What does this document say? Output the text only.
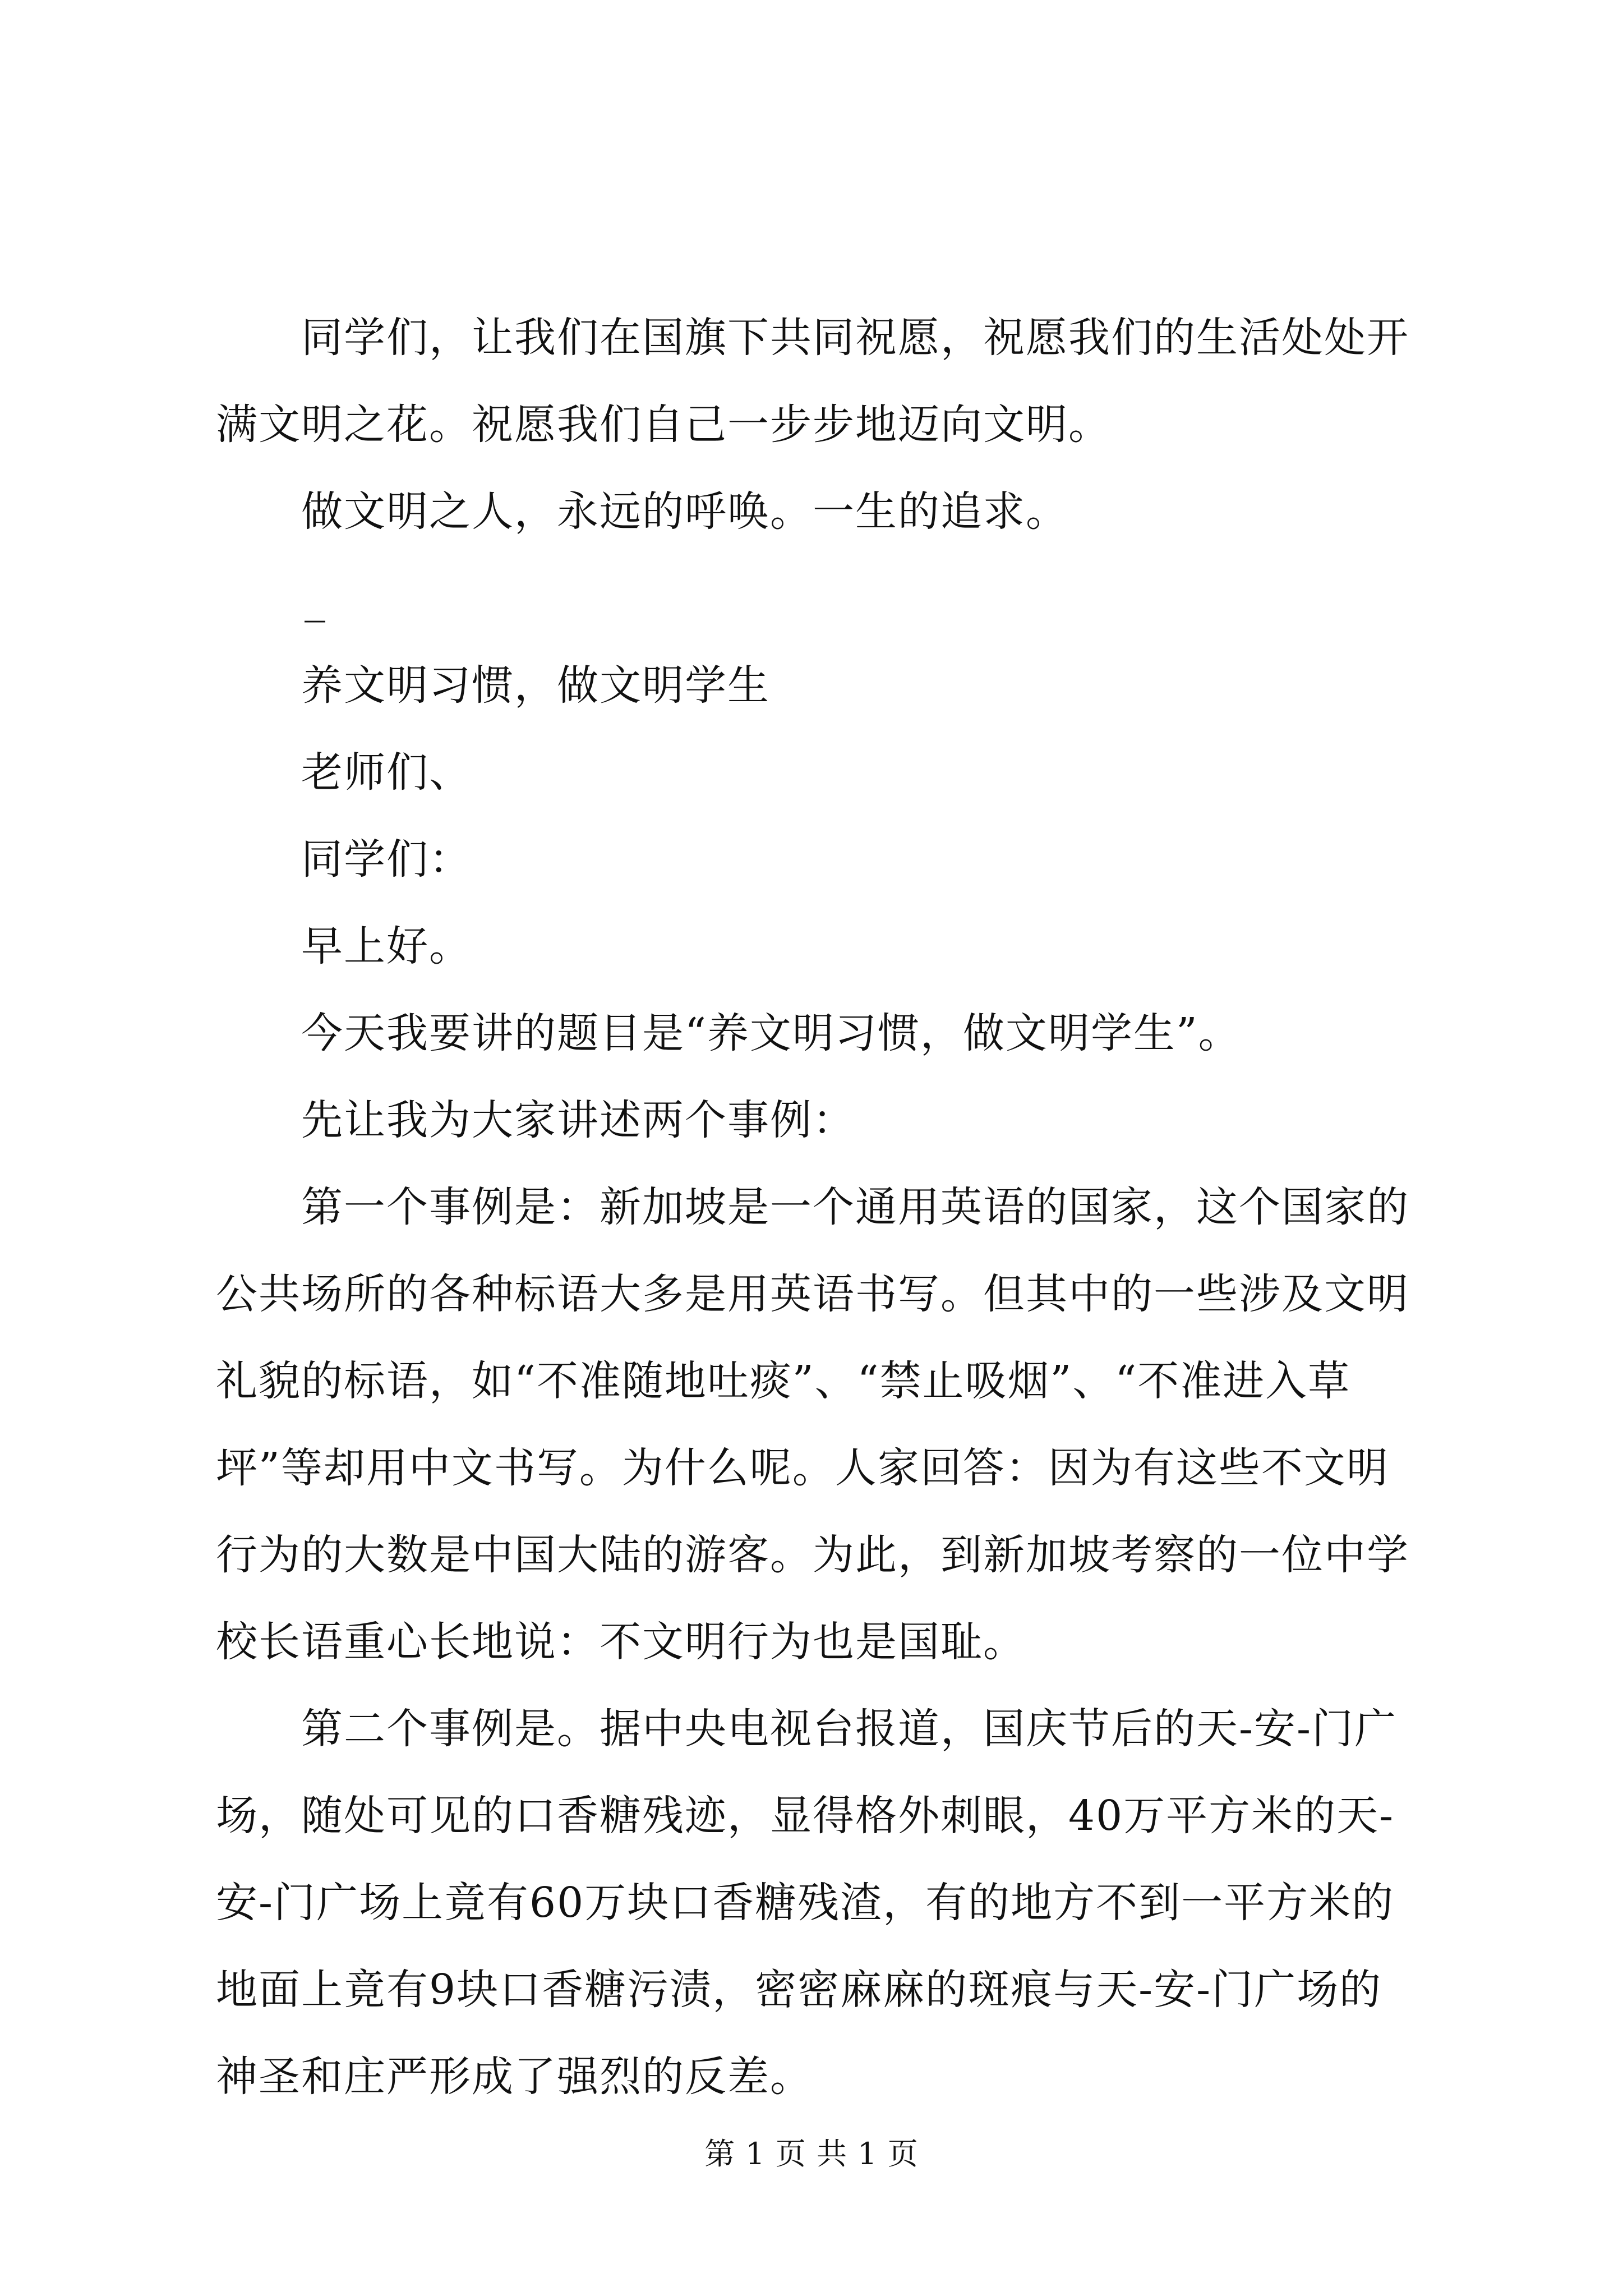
同学们，让我们在国旗下共同祝愿，祝愿我们的生活处处开
满文明之花。祝愿我们自己一步步地迈向文明。
做文明之人，永远的呼唤。一生的追求。
_
养文明习惯，做文明学生
老师们、
同学们：
早上好。
今天我要讲的题目是“养文明习惯，做文明学生”。
先让我为大家讲述两个事例：
第一个事例是：新加坡是一个通用英语的国家，这个国家的
公共场所的各种标语大多是用英语书写。但其中的一些涉及文明
礼貌的标语，如“不准随地吐痰”、“禁止吸烟”、“不准进入草
坪”等却用中文书写。为什么呢。人家回答：因为有这些不文明
行为的大数是中国大陆的游客。为此，到新加坡考察的一位中学
校长语重心长地说：不文明行为也是国耻。
第二个事例是。据中央电视台报道，国庆节后的天-安-门广
场，随处可见的口香糖残迹，显得格外刺眼，40万平方米的天-
安-门广场上竟有60万块口香糖残渣，有的地方不到一平方米的
地面上竟有9块口香糖污渍，密密麻麻的斑痕与天-安-门广场的
神圣和庄严形成了强烈的反差。
第 1 页 共 1 页
